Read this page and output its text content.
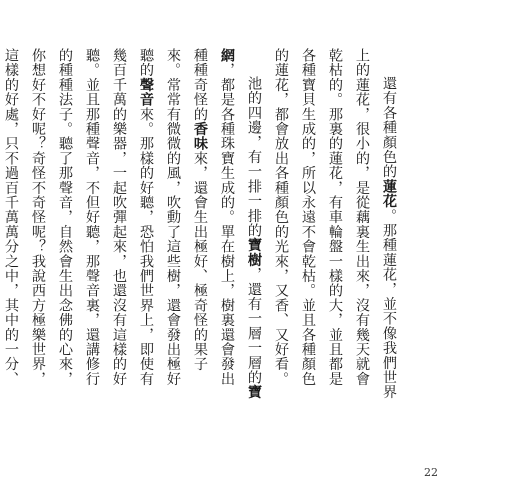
還有各種顏色的蓮花。那種蓮花，並不像我們世界上的蓮花，很小的，是從藕裏生出來，沒有幾天就會乾枯的。那裏的蓮花，有車輪盤一樣的大，並且都是各種寶貝生成的，所以永遠不會乾枯。並且各種顏色的蓮花，都會放出各種顏色的光來，又香、又好看。

池的四邊，有一排一排的寶樹，還有一層一層的寶網，都是各種珠寶生成的。單在樹上，樹裏還會發出種種奇怪的香味來，還會生出極好、極奇怪的果子來。常常有微微的風，吹動了這些樹，還會發出極好聽的聲音來。那樣的好聽，恐怕我們世界上，即使有幾百千萬的樂器，一起吹彈起來，也還沒有這樣的好聽。並且那種聲音，不但好聽，那聲音裏，還講修行的種種法子。聽了那聲音，自然會生出念佛的心來，你想好不好呢？奇怪不奇怪呢？我說西方極樂世界，這樣的好處，只不過百千萬萬分之中，其中的一分、

22
